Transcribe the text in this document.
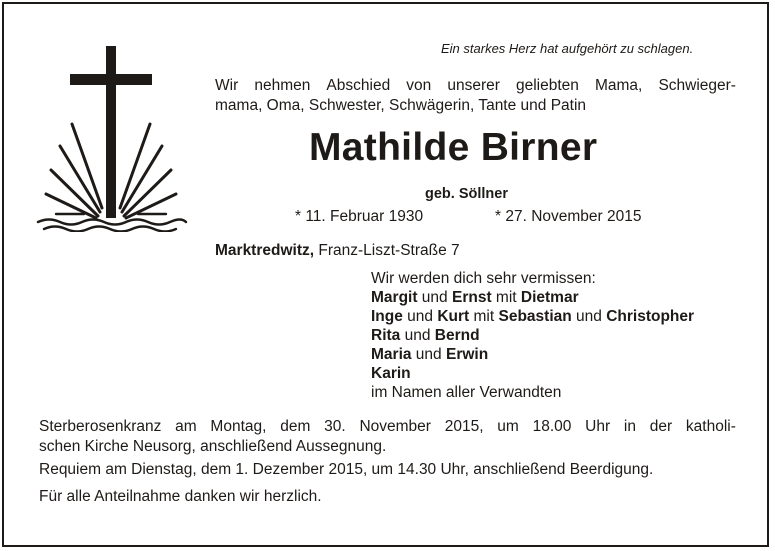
Ein starkes Herz hat aufgehört zu schlagen.
Wir nehmen Abschied von unserer geliebten Mama, Schwieger-
mama, Oma, Schwester, Schwägerin, Tante und Patin
Mathilde Birner
geb. Söllner
* 11. Februar 1930	* 27. November 2015
Marktredwitz, Franz-Liszt-Straße 7
Wir werden dich sehr vermissen:
Margit und Ernst mit Dietmar
Inge und Kurt mit Sebastian und Christopher
Rita und Bernd
Maria und Erwin
Karin
im Namen aller Verwandten
Sterberosenkranz am Montag, dem 30. November 2015, um 18.00 Uhr in der katholi-
schen Kirche Neusorg, anschließend Aussegnung.
Requiem am Dienstag, dem 1. Dezember 2015, um 14.30 Uhr, anschließend Beerdigung.
Für alle Anteilnahme danken wir herzlich.
